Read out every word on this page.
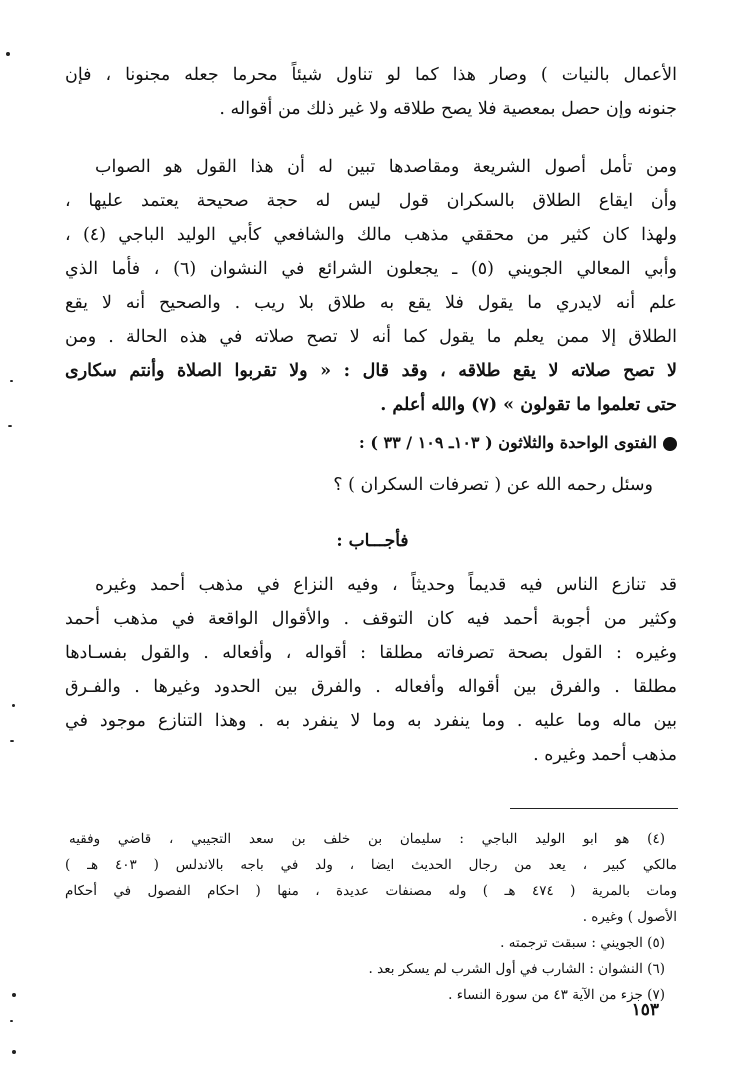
الأعمال بالنيات ) وصار هذا كما لو تناول شيئاً محرما جعله مجنونا ، فإن
جنونه وإن حصل بمعصية فلا يصح طلاقه ولا غير ذلك من أقواله .
ومن تأمل أصول الشريعة ومقاصدها تبين له أن هذا القول هو الصواب
وأن ايقاع الطلاق بالسكران قول ليس له حجة صحيحة يعتمد عليها ،
ولهذا كان كثير من محققي مذهب مالك والشافعي كأبي الوليد الباجي (٤) ،
وأبي المعالي الجويني (٥) ـ يجعلون الشرائع في النشوان (٦) ، فأما الذي
علم أنه لايدري ما يقول فلا يقع به طلاق بلا ريب . والصحيح أنه لا يقع
الطلاق إلا ممن يعلم ما يقول كما أنه لا تصح صلاته في هذه الحالة . ومن
لا تصح صلاته لا يقع طلاقه ، وقد قال : « ولا تقربوا الصلاة وأنتم سكارى
حتى تعلموا ما تقولون » (٧) والله أعلم .
الفتوى الواحدة والثلاثون ( ١٠٣ـ ١٠٩ / ٣٣ ) :
وسئل رحمه الله عن ( تصرفات السكران ) ؟
فأجـــاب :
قد تنازع الناس فيه قديماً وحديثاً ، وفيه النزاع في مذهب أحمد وغيره
وكثير من أجوبة أحمد فيه كان التوقف . والأقوال الواقعة في مذهب أحمد
وغيره : القول بصحة تصرفاته مطلقا : أقواله ، وأفعاله . والقول بفسـادها
مطلقا . والفرق بين أقواله وأفعاله . والفرق بين الحدود وغيرها . والفـرق
بين ماله وما عليه . وما ينفرد به وما لا ينفرد به . وهذا التنازع موجود في
مذهب أحمد وغيره .
(٤) هو ابو الوليد الباجي : سليمان بن خلف بن سعد التجيبي ، قاضي وفقيه
مالكي كبير ، يعد من رجال الحديث ايضا ، ولد في باجه بالاندلس ( ٤٠٣ هـ )
ومات بالمرية ( ٤٧٤ هـ ) وله مصنفات عديدة ، منها ( احكام الفصول في أحكام
الأصول ) وغيره .
(٥) الجويني : سبقت ترجمته .
(٦) النشوان : الشارب في أول الشرب لم يسكر بعد .
(٧) جزء من الآية ٤٣ من سورة النساء .
١٥٣
